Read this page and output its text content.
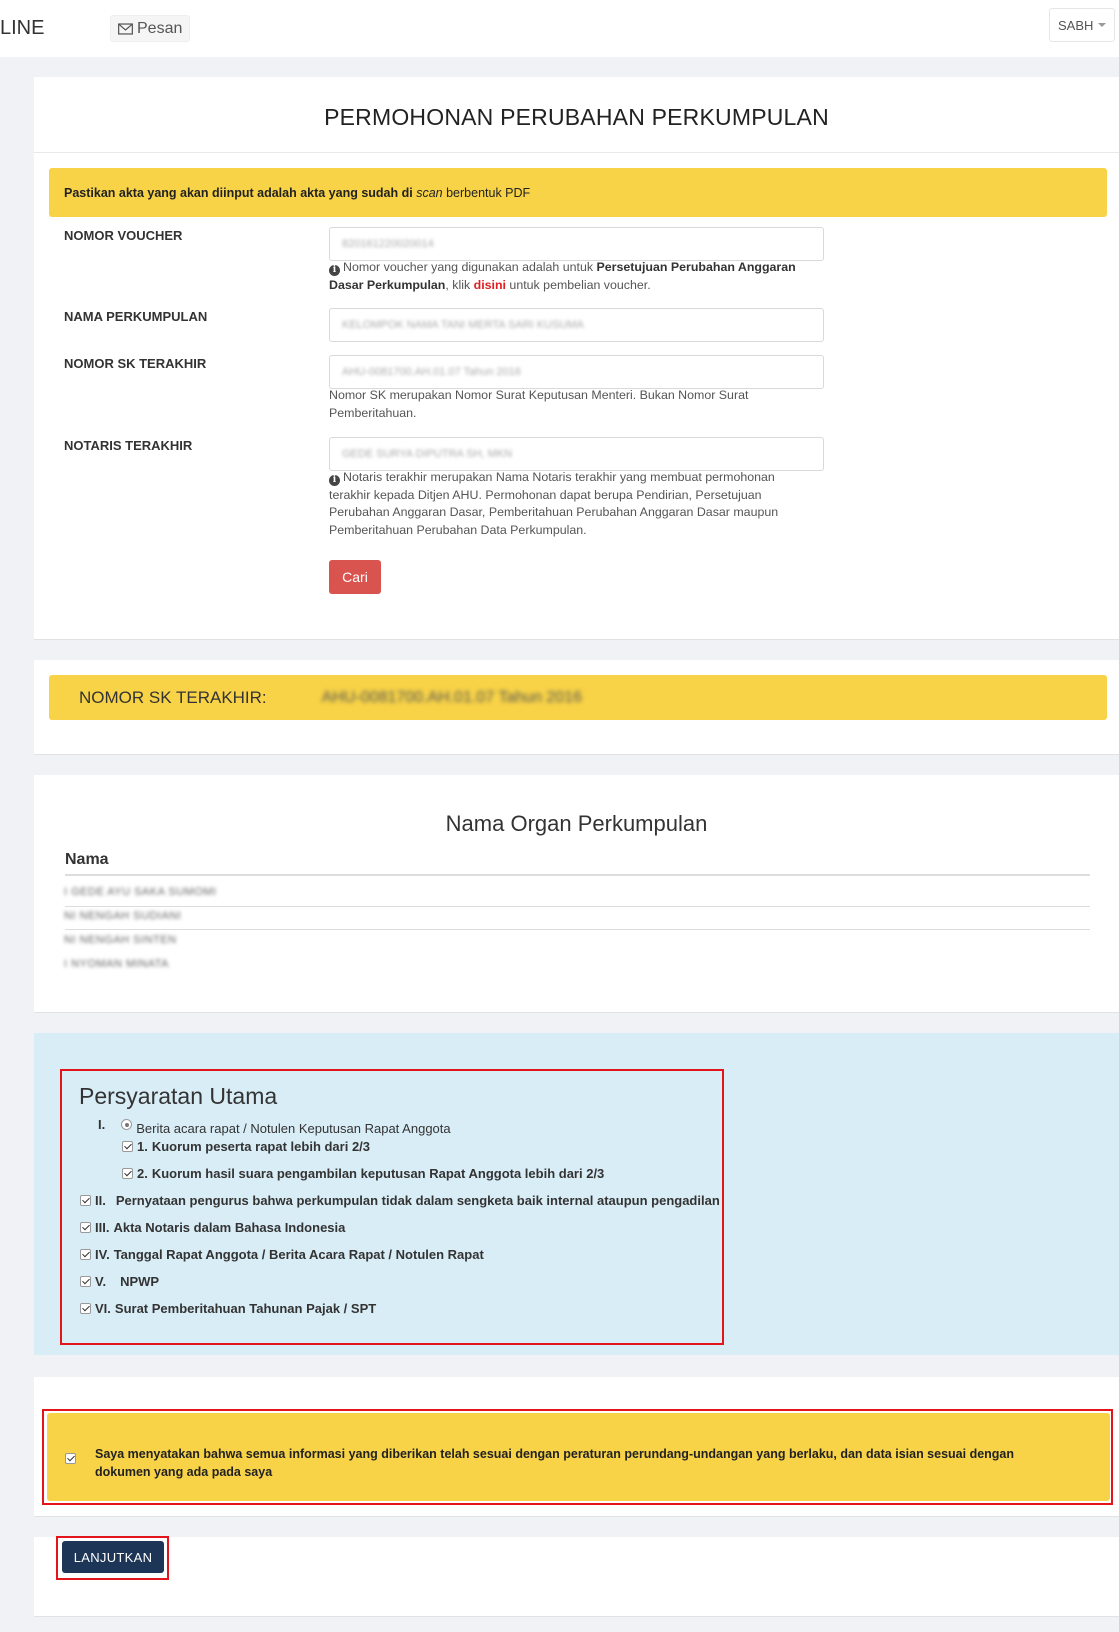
LINE	Pesan	SABH
PERMOHONAN PERUBAHAN PERKUMPULAN
Pastikan akta yang akan diinput adalah akta yang sudah di
scan
berbentuk PDF
NOMOR VOUCHER
820161220020014
i Nomor voucher yang digunakan adalah untuk Persetujuan Perubahan Anggaran Dasar Perkumpulan, klik disini untuk pembelian voucher.
NAMA PERKUMPULAN
KELOMPOK NAMA TANI MERTA SARI KUSUMA
NOMOR SK TERAKHIR
AHU-0081700.AH.01.07 Tahun 2016
Nomor SK merupakan Nomor Surat Keputusan Menteri. Bukan Nomor Surat Pemberitahuan.
NOTARIS TERAKHIR
GEDE SURYA DIPUTRA SH, MKN
i Notaris terakhir merupakan Nama Notaris terakhir yang membuat permohonan terakhir kepada Ditjen AHU. Permohonan dapat berupa Pendirian, Persetujuan Perubahan Anggaran Dasar, Pemberitahuan Perubahan Anggaran Dasar maupun Pemberitahuan Perubahan Data Perkumpulan.
Cari
NOMOR SK TERAKHIR:	AHU-0081700.AH.01.07 Tahun 2016
Nama Organ Perkumpulan
Nama
I GEDE AYU SAKA SUMOMI
NI NENGAH SUDIANI
NI NENGAH SINTEN
I NYOMAN MINATA
Persyaratan Utama
I. Berita acara rapat / Notulen Keputusan Rapat Anggota
1. Kuorum peserta rapat lebih dari 2/3
2. Kuorum hasil suara pengambilan keputusan Rapat Anggota lebih dari 2/3
II. Pernyataan pengurus bahwa perkumpulan tidak dalam sengketa baik internal ataupun pengadilan
III. Akta Notaris dalam Bahasa Indonesia
IV. Tanggal Rapat Anggota / Berita Acara Rapat / Notulen Rapat
V. NPWP
VI. Surat Pemberitahuan Tahunan Pajak / SPT
Saya menyatakan bahwa semua informasi yang diberikan telah sesuai dengan peraturan perundang-undangan yang berlaku, dan data isian sesuai dengan dokumen yang ada pada saya
LANJUTKAN
